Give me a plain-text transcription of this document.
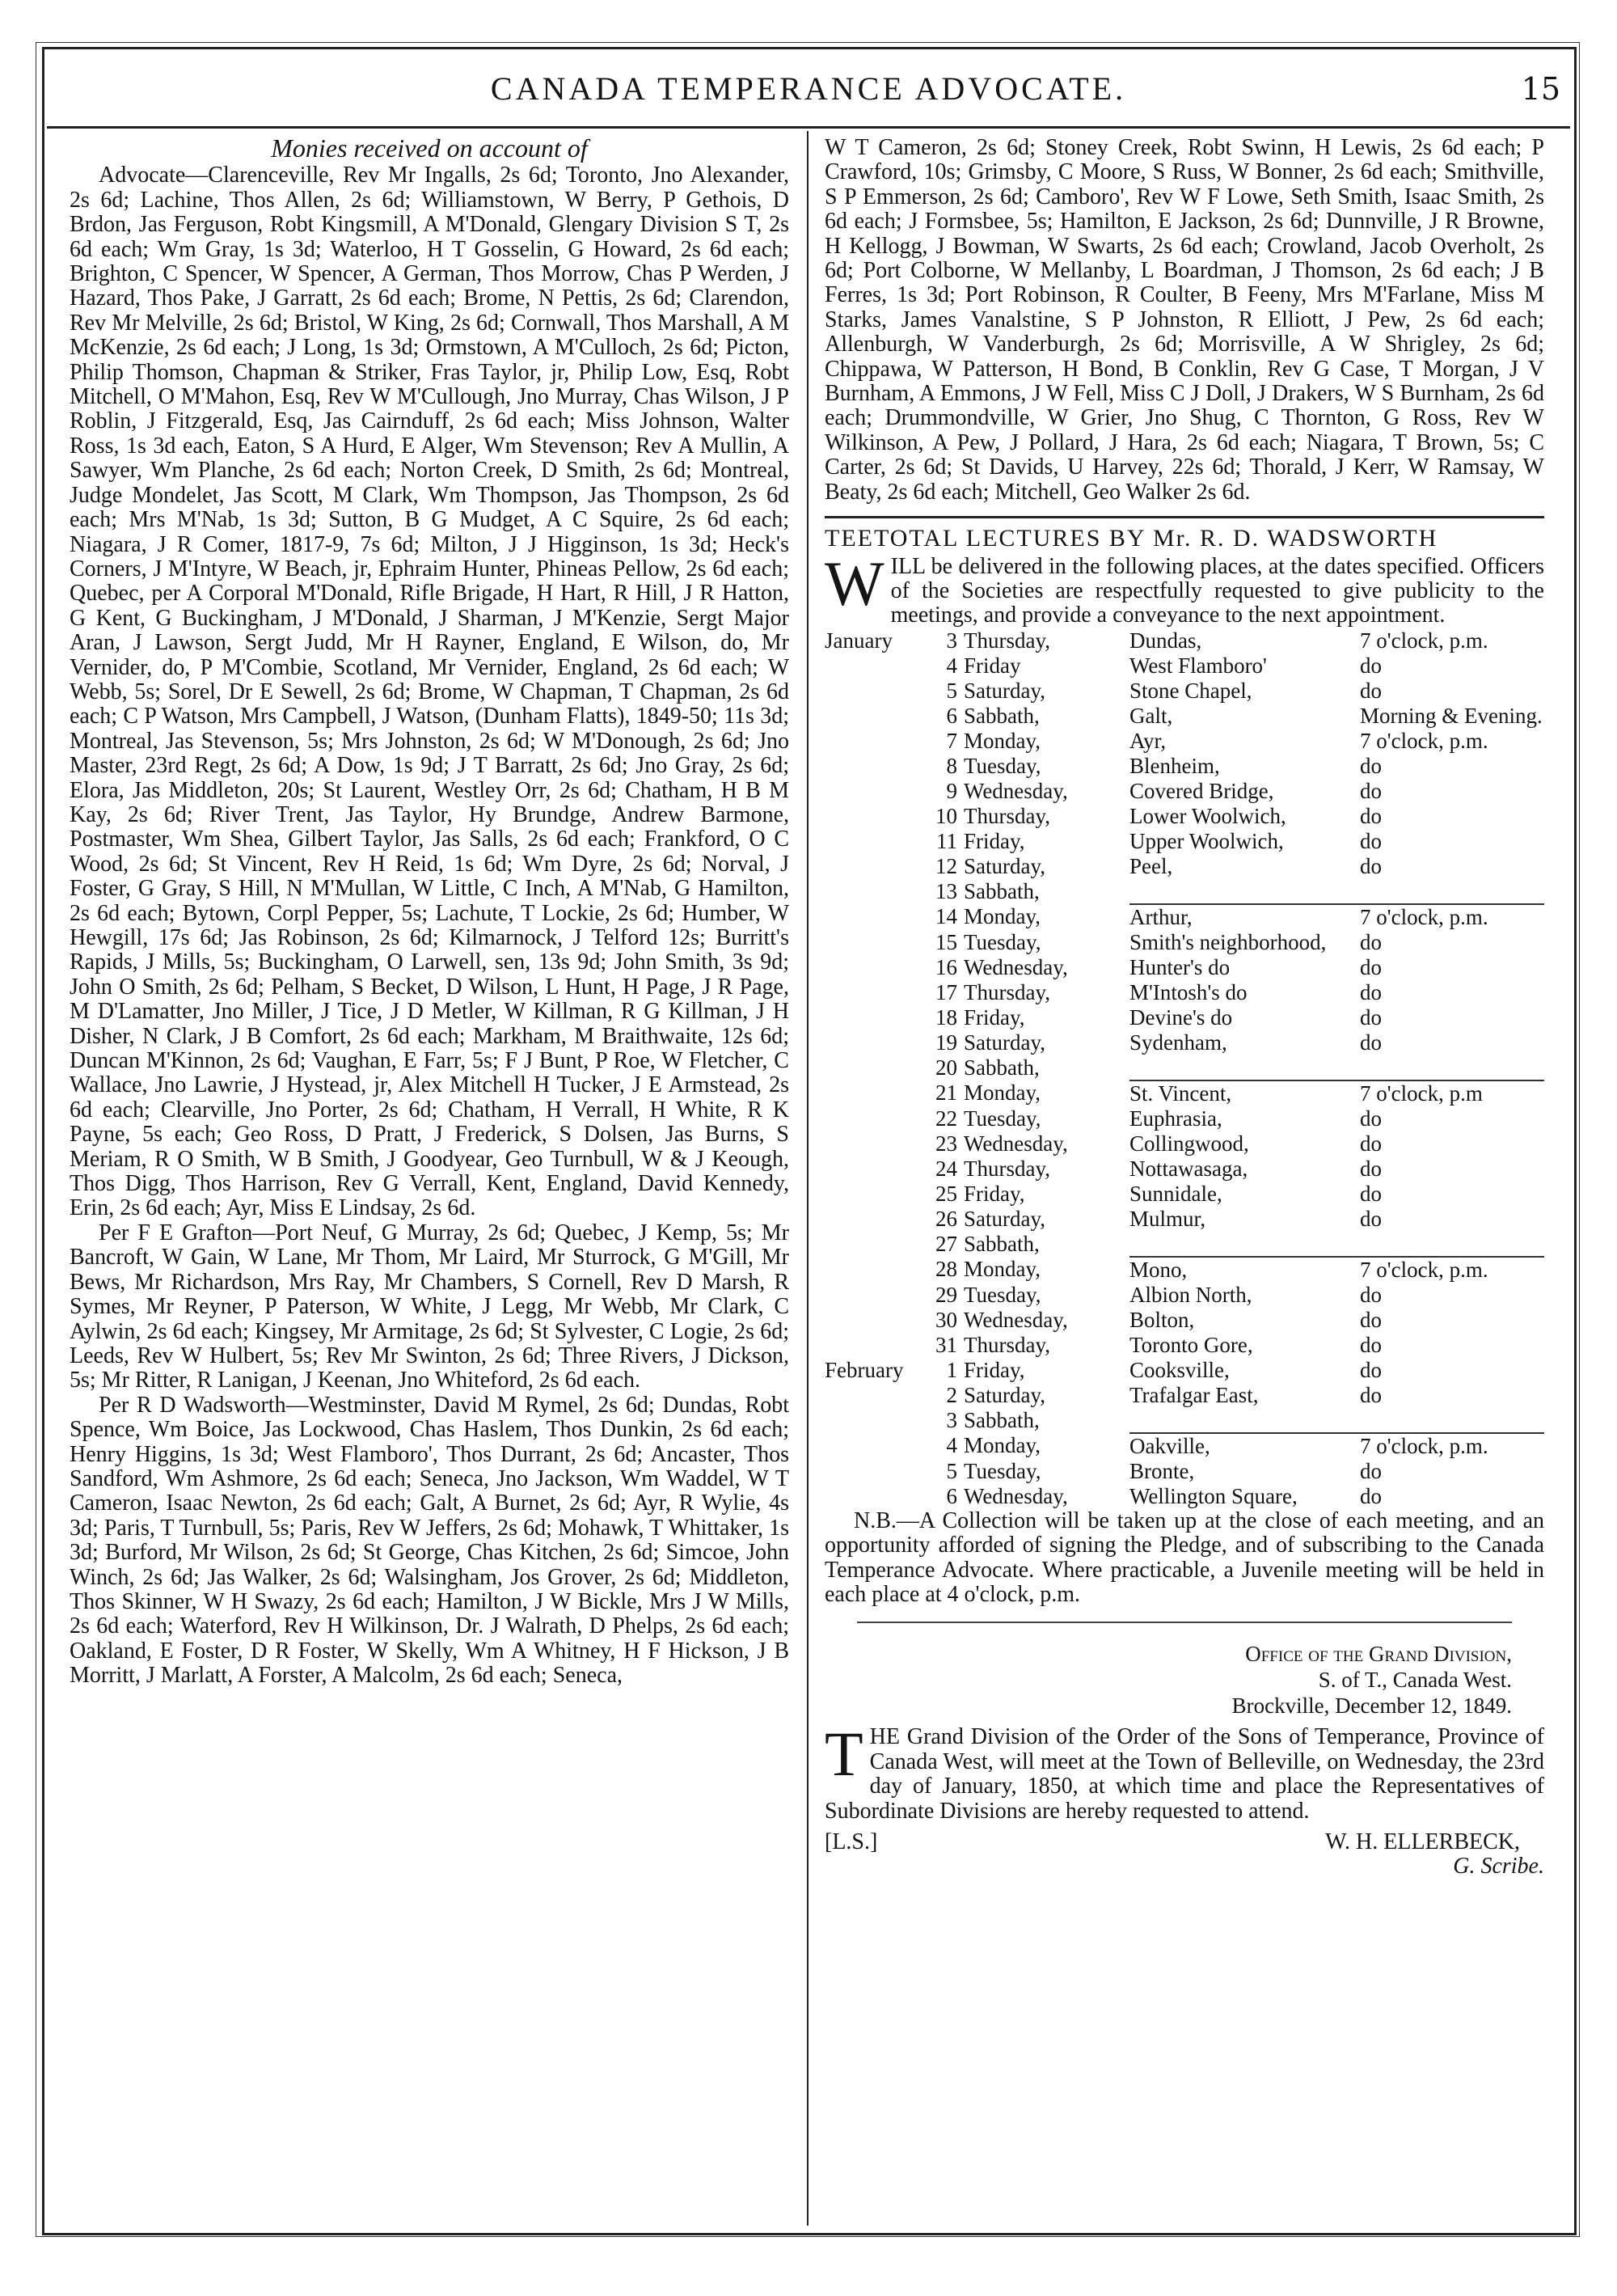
CANADA TEMPERANCE ADVOCATE.	15

Monies received on account of

Advocate—Clarenceville, Rev Mr Ingalls, 2s 6d; Toronto, Jno Alexander, 2s 6d; Lachine, Thos Allen, 2s 6d; Williamstown, W Berry, P Gethois, D Brdon, Jas Ferguson, Robt Kingsmill, A M'Donald, Glengary Division S T, 2s 6d each; Wm Gray, 1s 3d; Waterloo, H T Gosselin, G Howard, 2s 6d each; Brighton, C Spencer, W Spencer, A German, Thos Morrow, Chas P Werden, J Hazard, Thos Pake, J Garratt, 2s 6d each; Brome, N Pettis, 2s 6d; Clarendon, Rev Mr Melville, 2s 6d; Bristol, W King, 2s 6d; Cornwall, Thos Marshall, A M McKenzie, 2s 6d each; J Long, 1s 3d; Ormstown, A M'Culloch, 2s 6d; Picton, Philip Thomson, Chapman & Striker, Fras Taylor, jr, Philip Low, Esq, Robt Mitchell, O M'Mahon, Esq, Rev W M'Cullough, Jno Murray, Chas Wilson, J P Roblin, J Fitzgerald, Esq, Jas Cairnduff, 2s 6d each; Miss Johnson, Walter Ross, 1s 3d each, Eaton, S A Hurd, E Alger, Wm Stevenson; Rev A Mullin, A Sawyer, Wm Planche, 2s 6d each; Norton Creek, D Smith, 2s 6d; Montreal, Judge Mondelet, Jas Scott, M Clark, Wm Thompson, Jas Thompson, 2s 6d each; Mrs M'Nab, 1s 3d; Sutton, B G Mudget, A C Squire, 2s 6d each; Niagara, J R Comer, 1817-9, 7s 6d; Milton, J J Higginson, 1s 3d; Heck's Corners, J M'Intyre, W Beach, jr, Ephraim Hunter, Phineas Pellow, 2s 6d each; Quebec, per A Corporal M'Donald, Rifle Brigade, H Hart, R Hill, J R Hatton, G Kent, G Buckingham, J M'Donald, J Sharman, J M'Kenzie, Sergt Major Aran, J Lawson, Sergt Judd, Mr H Rayner, England, E Wilson, do, Mr Vernider, do, P M'Combie, Scotland, Mr Vernider, England, 2s 6d each; W Webb, 5s; Sorel, Dr E Sewell, 2s 6d; Brome, W Chapman, T Chapman, 2s 6d each; C P Watson, Mrs Campbell, J Watson, (Dunham Flatts), 1849-50; 11s 3d; Montreal, Jas Stevenson, 5s; Mrs Johnston, 2s 6d; W M'Donough, 2s 6d; Jno Master, 23rd Regt, 2s 6d; A Dow, 1s 9d; J T Barratt, 2s 6d; Jno Gray, 2s 6d; Elora, Jas Middleton, 20s; St Laurent, Westley Orr, 2s 6d; Chatham, H B M Kay, 2s 6d; River Trent, Jas Taylor, Hy Brundge, Andrew Barmone, Postmaster, Wm Shea, Gilbert Taylor, Jas Salls, 2s 6d each; Frankford, O C Wood, 2s 6d; St Vincent, Rev H Reid, 1s 6d; Wm Dyre, 2s 6d; Norval, J Foster, G Gray, S Hill, N M'Mullan, W Little, C Inch, A M'Nab, G Hamilton, 2s 6d each; Bytown, Corpl Pepper, 5s; Lachute, T Lockie, 2s 6d; Humber, W Hewgill, 17s 6d; Jas Robinson, 2s 6d; Kilmarnock, J Telford 12s; Burritt's Rapids, J Mills, 5s; Buckingham, O Larwell, sen, 13s 9d; John Smith, 3s 9d; John O Smith, 2s 6d; Pelham, S Becket, D Wilson, L Hunt, H Page, J R Page, M D'Lamatter, Jno Miller, J Tice, J D Metler, W Killman, R G Killman, J H Disher, N Clark, J B Comfort, 2s 6d each; Markham, M Braithwaite, 12s 6d; Duncan M'Kinnon, 2s 6d; Vaughan, E Farr, 5s; F J Bunt, P Roe, W Fletcher, C Wallace, Jno Lawrie, J Hystead, jr, Alex Mitchell H Tucker, J E Armstead, 2s 6d each; Clearville, Jno Porter, 2s 6d; Chatham, H Verrall, H White, R K Payne, 5s each; Geo Ross, D Pratt, J Frederick, S Dolsen, Jas Burns, S Meriam, R O Smith, W B Smith, J Goodyear, Geo Turnbull, W & J Keough, Thos Digg, Thos Harrison, Rev G Verrall, Kent, England, David Kennedy, Erin, 2s 6d each; Ayr, Miss E Lindsay, 2s 6d.

Per F E Grafton—Port Neuf, G Murray, 2s 6d; Quebec, J Kemp, 5s; Mr Bancroft, W Gain, W Lane, Mr Thom, Mr Laird, Mr Sturrock, G M'Gill, Mr Bews, Mr Richardson, Mrs Ray, Mr Chambers, S Cornell, Rev D Marsh, R Symes, Mr Reyner, P Paterson, W White, J Legg, Mr Webb, Mr Clark, C Aylwin, 2s 6d each; Kingsey, Mr Armitage, 2s 6d; St Sylvester, C Logie, 2s 6d; Leeds, Rev W Hulbert, 5s; Rev Mr Swinton, 2s 6d; Three Rivers, J Dickson, 5s; Mr Ritter, R Lanigan, J Keenan, Jno Whiteford, 2s 6d each.

Per R D Wadsworth—Westminster, David M Rymel, 2s 6d; Dundas, Robt Spence, Wm Boice, Jas Lockwood, Chas Haslem, Thos Dunkin, 2s 6d each; Henry Higgins, 1s 3d; West Flamboro', Thos Durrant, 2s 6d; Ancaster, Thos Sandford, Wm Ashmore, 2s 6d each; Seneca, Jno Jackson, Wm Waddel, W T Cameron, Isaac Newton, 2s 6d each; Galt, A Burnet, 2s 6d; Ayr, R Wylie, 4s 3d; Paris, T Turnbull, 5s; Paris, Rev W Jeffers, 2s 6d; Mohawk, T Whittaker, 1s 3d; Burford, Mr Wilson, 2s 6d; St George, Chas Kitchen, 2s 6d; Simcoe, John Winch, 2s 6d; Jas Walker, 2s 6d; Walsingham, Jos Grover, 2s 6d; Middleton, Thos Skinner, W H Swazy, 2s 6d each; Hamilton, J W Bickle, Mrs J W Mills, 2s 6d each; Waterford, Rev H Wilkinson, Dr. J Walrath, D Phelps, 2s 6d each; Oakland, E Foster, D R Foster, W Skelly, Wm A Whitney, H F Hickson, J B Morritt, J Marlatt, A Forster, A Malcolm, 2s 6d each; Seneca,

W T Cameron, 2s 6d; Stoney Creek, Robt Swinn, H Lewis, 2s 6d each; P Crawford, 10s; Grimsby, C Moore, S Russ, W Bonner, 2s 6d each; Smithville, S P Emmerson, 2s 6d; Camboro', Rev W F Lowe, Seth Smith, Isaac Smith, 2s 6d each; J Formsbee, 5s; Hamilton, E Jackson, 2s 6d; Dunnville, J R Browne, H Kellogg, J Bowman, W Swarts, 2s 6d each; Crowland, Jacob Overholt, 2s 6d; Port Colborne, W Mellanby, L Boardman, J Thomson, 2s 6d each; J B Ferres, 1s 3d; Port Robinson, R Coulter, B Feeny, Mrs M'Farlane, Miss M Starks, James Vanalstine, S P Johnston, R Elliott, J Pew, 2s 6d each; Allenburgh, W Vanderburgh, 2s 6d; Morrisville, A W Shrigley, 2s 6d; Chippawa, W Patterson, H Bond, B Conklin, Rev G Case, T Morgan, J V Burnham, A Emmons, J W Fell, Miss C J Doll, J Drakers, W S Burnham, 2s 6d each; Drummondville, W Grier, Jno Shug, C Thornton, G Ross, Rev W Wilkinson, A Pew, J Pollard, J Hara, 2s 6d each; Niagara, T Brown, 5s; C Carter, 2s 6d; St Davids, U Harvey, 22s 6d; Thorald, J Kerr, W Ramsay, W Beaty, 2s 6d each; Mitchell, Geo Walker 2s 6d.

TEETOTAL LECTURES BY Mr. R. D. WADSWORTH

WILL be delivered in the following places, at the dates specified. Officers of the Societies are respectfully requested to give publicity to the meetings, and provide a conveyance to the next appointment.

January	3	Thursday,	Dundas,	7 o'clock, p.m.
	4	Friday	West Flamboro'	do
	5	Saturday,	Stone Chapel,	do
	6	Sabbath,	Galt,	Morning & Evening.
	7	Monday,	Ayr,	7 o'clock, p.m.
	8	Tuesday,	Blenheim,	do
	9	Wednesday,	Covered Bridge,	do
	10	Thursday,	Lower Woolwich,	do
	11	Friday,	Upper Woolwich,	do
	12	Saturday,	Peel,	do
	13	Sabbath,		
	14	Monday,	Arthur,	7 o'clock, p.m.
	15	Tuesday,	Smith's neighborhood,	do
	16	Wednesday,	Hunter's do	do
	17	Thursday,	M'Intosh's do	do
	18	Friday,	Devine's do	do
	19	Saturday,	Sydenham,	do
	20	Sabbath,		
	21	Monday,	St. Vincent,	7 o'clock, p.m
	22	Tuesday,	Euphrasia,	do
	23	Wednesday,	Collingwood,	do
	24	Thursday,	Nottawasaga,	do
	25	Friday,	Sunnidale,	do
	26	Saturday,	Mulmur,	do
	27	Sabbath,		
	28	Monday,	Mono,	7 o'clock, p.m.
	29	Tuesday,	Albion North,	do
	30	Wednesday,	Bolton,	do
	31	Thursday,	Toronto Gore,	do
February	1	Friday,	Cooksville,	do
	2	Saturday,	Trafalgar East,	do
	3	Sabbath,		
	4	Monday,	Oakville,	7 o'clock, p.m.
	5	Tuesday,	Bronte,	do
	6	Wednesday,	Wellington Square,	do

N.B.—A Collection will be taken up at the close of each meeting, and an opportunity afforded of signing the Pledge, and of subscribing to the Canada Temperance Advocate. Where practicable, a Juvenile meeting will be held in each place at 4 o'clock, p.m.

Office of the Grand Division,
S. of T., Canada West.
Brockville, December 12, 1849.

THE Grand Division of the Order of the Sons of Temperance, Province of Canada West, will meet at the Town of Belleville, on Wednesday, the 23rd day of January, 1850, at which time and place the Representatives of Subordinate Divisions are hereby requested to attend.

[L.S.]	W. H. ELLERBECK,
G. Scribe.
